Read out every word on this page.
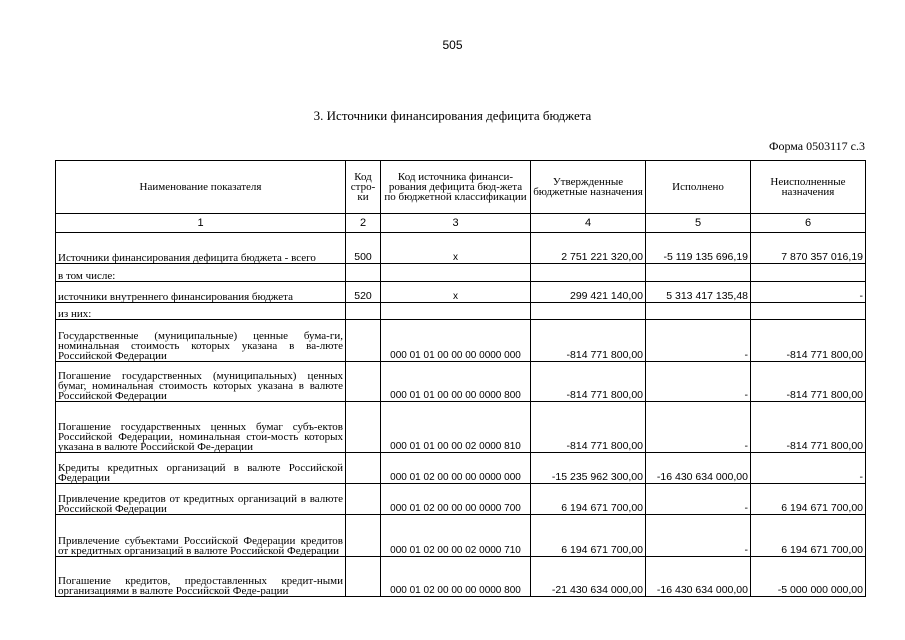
505
3. Источники финансирования дефицита бюджета
Форма 0503117 с.3
Наименование показателя	Код стро-ки	Код источника финанси-рования дефицита бюд-жета по бюджетной классификации	Утвержденные бюджетные назначения	Исполнено	Неисполненные назначения
1	2	3	4	5	6
Источники финансирования дефицита бюджета - всего	500	x	2 751 221 320,00	-5 119 135 696,19	7 870 357 016,19
в том числе:					
источники внутреннего финансирования бюджета	520	x	299 421 140,00	5 313 417 135,48	-
из них:					
Государственные (муниципальные) ценные бума-ги, номинальная стоимость которых указана в ва-люте Российской Федерации		000 01 01 00 00 00 0000 000	-814 771 800,00	-	-814 771 800,00
Погашение государственных (муниципальных) ценных бумаг, номинальная стоимость которых указана в валюте Российской Федерации		000 01 01 00 00 00 0000 800	-814 771 800,00	-	-814 771 800,00
Погашение государственных ценных бумаг субъ-ектов Российской Федерации, номинальная стои-мость которых указана в валюте Российской Фе-дерации		000 01 01 00 00 02 0000 810	-814 771 800,00	-	-814 771 800,00
Кредиты кредитных организаций в валюте Российской Федерации		000 01 02 00 00 00 0000 000	-15 235 962 300,00	-16 430 634 000,00	-
Привлечение кредитов от кредитных организаций в валюте Российской Федерации		000 01 02 00 00 00 0000 700	6 194 671 700,00	-	6 194 671 700,00
Привлечение субъектами Российской Федерации кредитов от кредитных организаций в валюте Российской Федерации		000 01 02 00 00 02 0000 710	6 194 671 700,00	-	6 194 671 700,00
Погашение кредитов, предоставленных кредит-ными организациями в валюте Российской Феде-рации		000 01 02 00 00 00 0000 800	-21 430 634 000,00	-16 430 634 000,00	-5 000 000 000,00
